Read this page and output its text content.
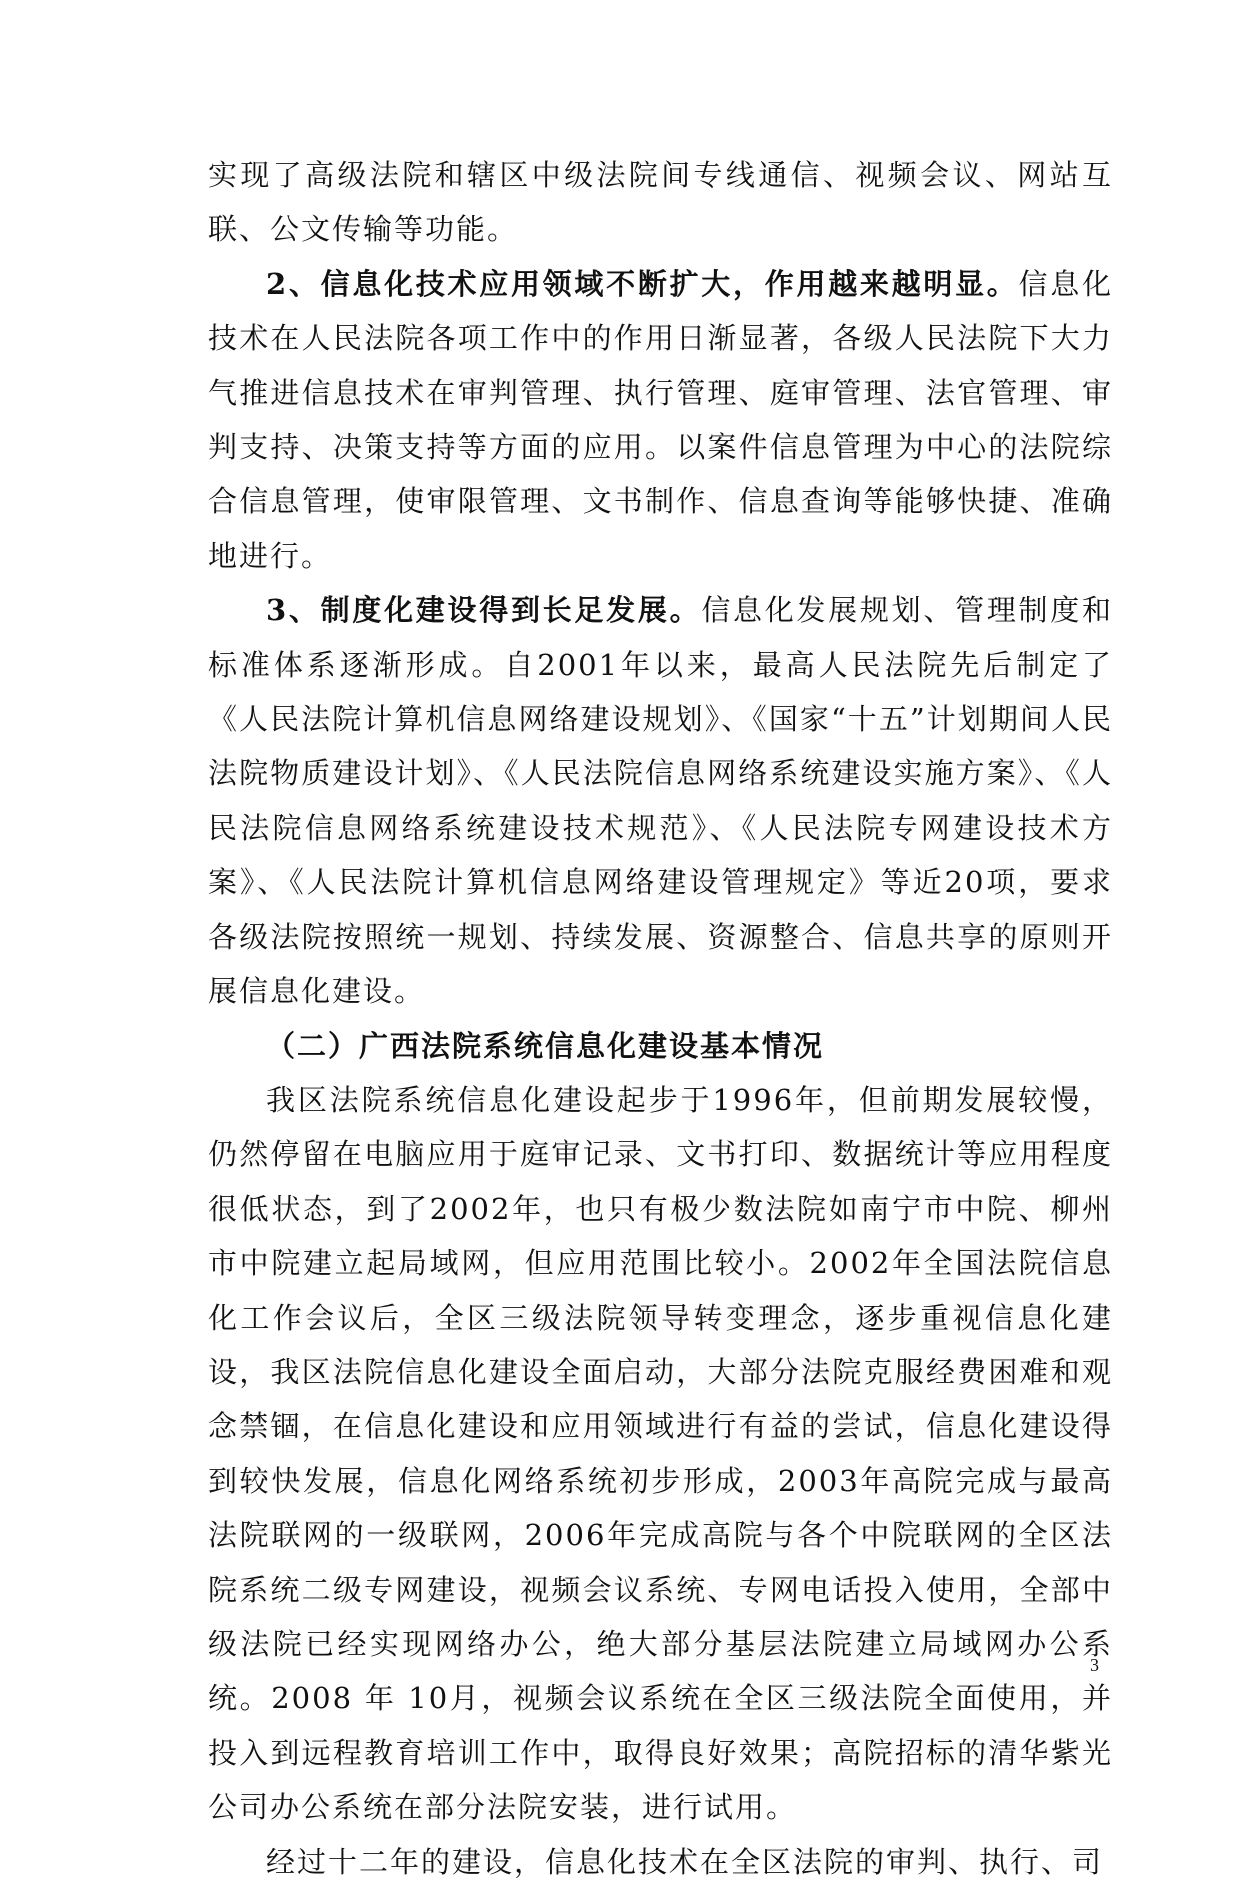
实现了高级法院和辖区中级法院间专线通信、视频会议、网站互联、公文传输等功能。

2、信息化技术应用领域不断扩大，作用越来越明显。信息化技术在人民法院各项工作中的作用日渐显著，各级人民法院下大力气推进信息技术在审判管理、执行管理、庭审管理、法官管理、审判支持、决策支持等方面的应用。以案件信息管理为中心的法院综合信息管理，使审限管理、文书制作、信息查询等能够快捷、准确地进行。

3、制度化建设得到长足发展。信息化发展规划、管理制度和标准体系逐渐形成。自2001年以来，最高人民法院先后制定了《人民法院计算机信息网络建设规划》、《国家“十五”计划期间人民法院物质建设计划》、《人民法院信息网络系统建设实施方案》、《人民法院信息网络系统建设技术规范》、《人民法院专网建设技术方案》、《人民法院计算机信息网络建设管理规定》等近20项，要求各级法院按照统一规划、持续发展、资源整合、信息共享的原则开展信息化建设。

（二）广西法院系统信息化建设基本情况

我区法院系统信息化建设起步于1996年，但前期发展较慢，仍然停留在电脑应用于庭审记录、文书打印、数据统计等应用程度很低状态，到了2002年，也只有极少数法院如南宁市中院、柳州市中院建立起局域网，但应用范围比较小。2002年全国法院信息化工作会议后，全区三级法院领导转变理念，逐步重视信息化建设，我区法院信息化建设全面启动，大部分法院克服经费困难和观念禁锢，在信息化建设和应用领域进行有益的尝试，信息化建设得到较快发展，信息化网络系统初步形成，2003年高院完成与最高法院联网的一级联网，2006年完成高院与各个中院联网的全区法院系统二级专网建设，视频会议系统、专网电话投入使用，全部中级法院已经实现网络办公，绝大部分基层法院建立局域网办公系统。2008 年 10月，视频会议系统在全区三级法院全面使用，并投入到远程教育培训工作中，取得良好效果；高院招标的清华紫光公司办公系统在部分法院安装，进行试用。

经过十二年的建设，信息化技术在全区法院的审判、执行、司

3
